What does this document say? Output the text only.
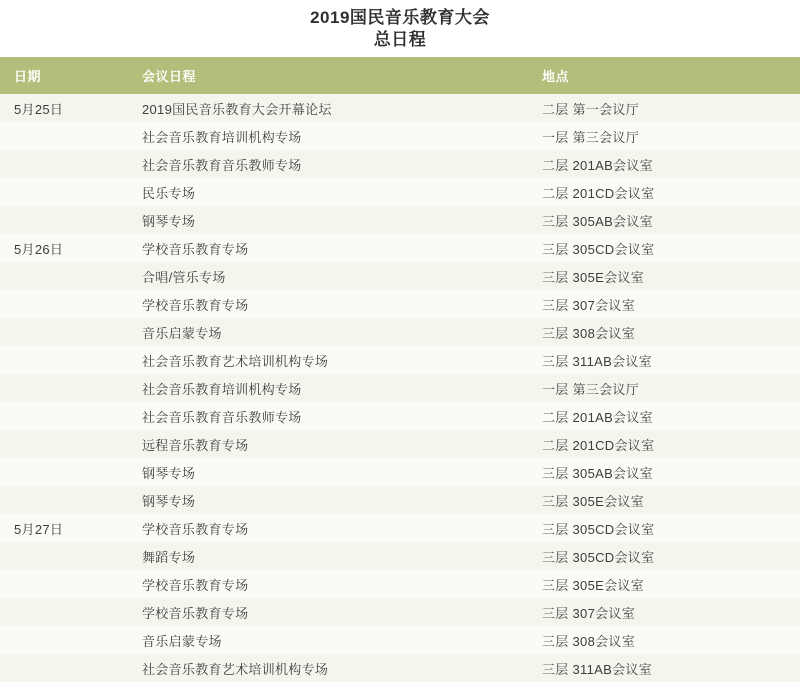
2019国民音乐教育大会
总日程
日期	会议日程	地点
5月25日	2019国民音乐教育大会开幕论坛	二层 第一会议厅
	社会音乐教育培训机构专场	一层 第三会议厅
	社会音乐教育音乐教师专场	二层 201AB会议室
	民乐专场	二层 201CD会议室
	钢琴专场	三层 305AB会议室
5月26日	学校音乐教育专场	三层 305CD会议室
	合唱/管乐专场	三层 305E会议室
	学校音乐教育专场	三层 307会议室
	音乐启蒙专场	三层 308会议室
	社会音乐教育艺术培训机构专场	三层 311AB会议室
	社会音乐教育培训机构专场	一层 第三会议厅
	社会音乐教育音乐教师专场	二层 201AB会议室
	远程音乐教育专场	二层 201CD会议室
	钢琴专场	三层 305AB会议室
	钢琴专场	三层 305E会议室
5月27日	学校音乐教育专场	三层 305CD会议室
	舞蹈专场	三层 305CD会议室
	学校音乐教育专场	三层 305E会议室
	学校音乐教育专场	三层 307会议室
	音乐启蒙专场	三层 308会议室
	社会音乐教育艺术培训机构专场	三层 311AB会议室
